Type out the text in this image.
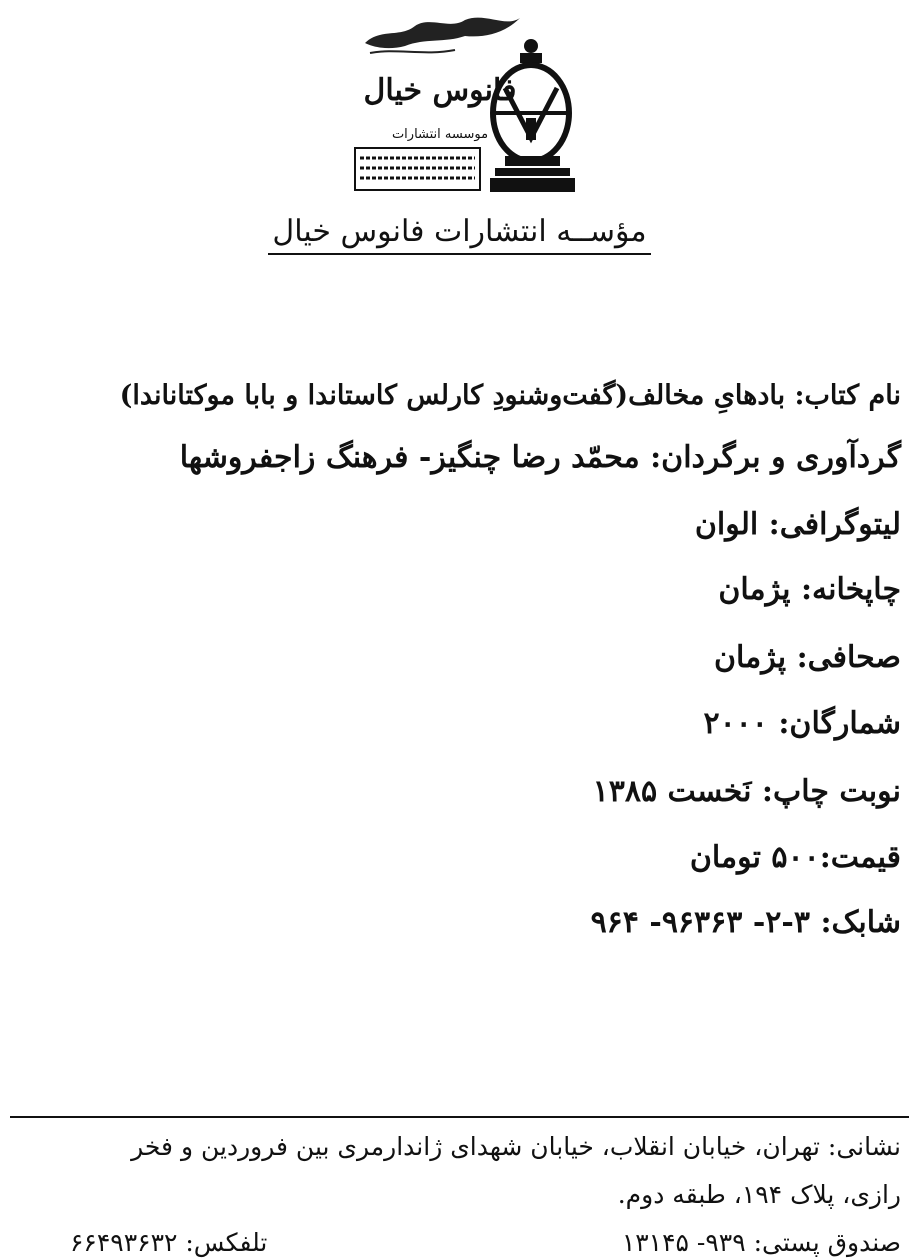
فانوس خیال
موسسه انتشارات
مؤســه انتشارات فانوس خیال
نام کتاب: بادهایِ مخالف(گفت‌وشنودِ کارلس کاستاندا و بابا موکتاناندا)
گردآوری و برگردان: محمّد رضا چنگیز- فرهنگ زاجفروشها
لیتوگرافی: الوان
چاپخانه: پژمان
صحافی: پژمان
شمارگان: ۲۰۰۰
نوبت چاپ: نَخست ۱۳۸۵
قیمت:۵۰۰ تومان
شابک: ۳-۲- ۹۶۳۶۳- ۹۶۴
نشانی: تهران، خیابان انقلاب، خیابان شهدای ژاندارمری بین فروردین و فخر
رازی، پلاک ۱۹۴، طبقه دوم.
صندوق پستی: ۹۳۹- ۱۳۱۴۵
تلفکس: ۶۶۴۹۳۶۳۲
